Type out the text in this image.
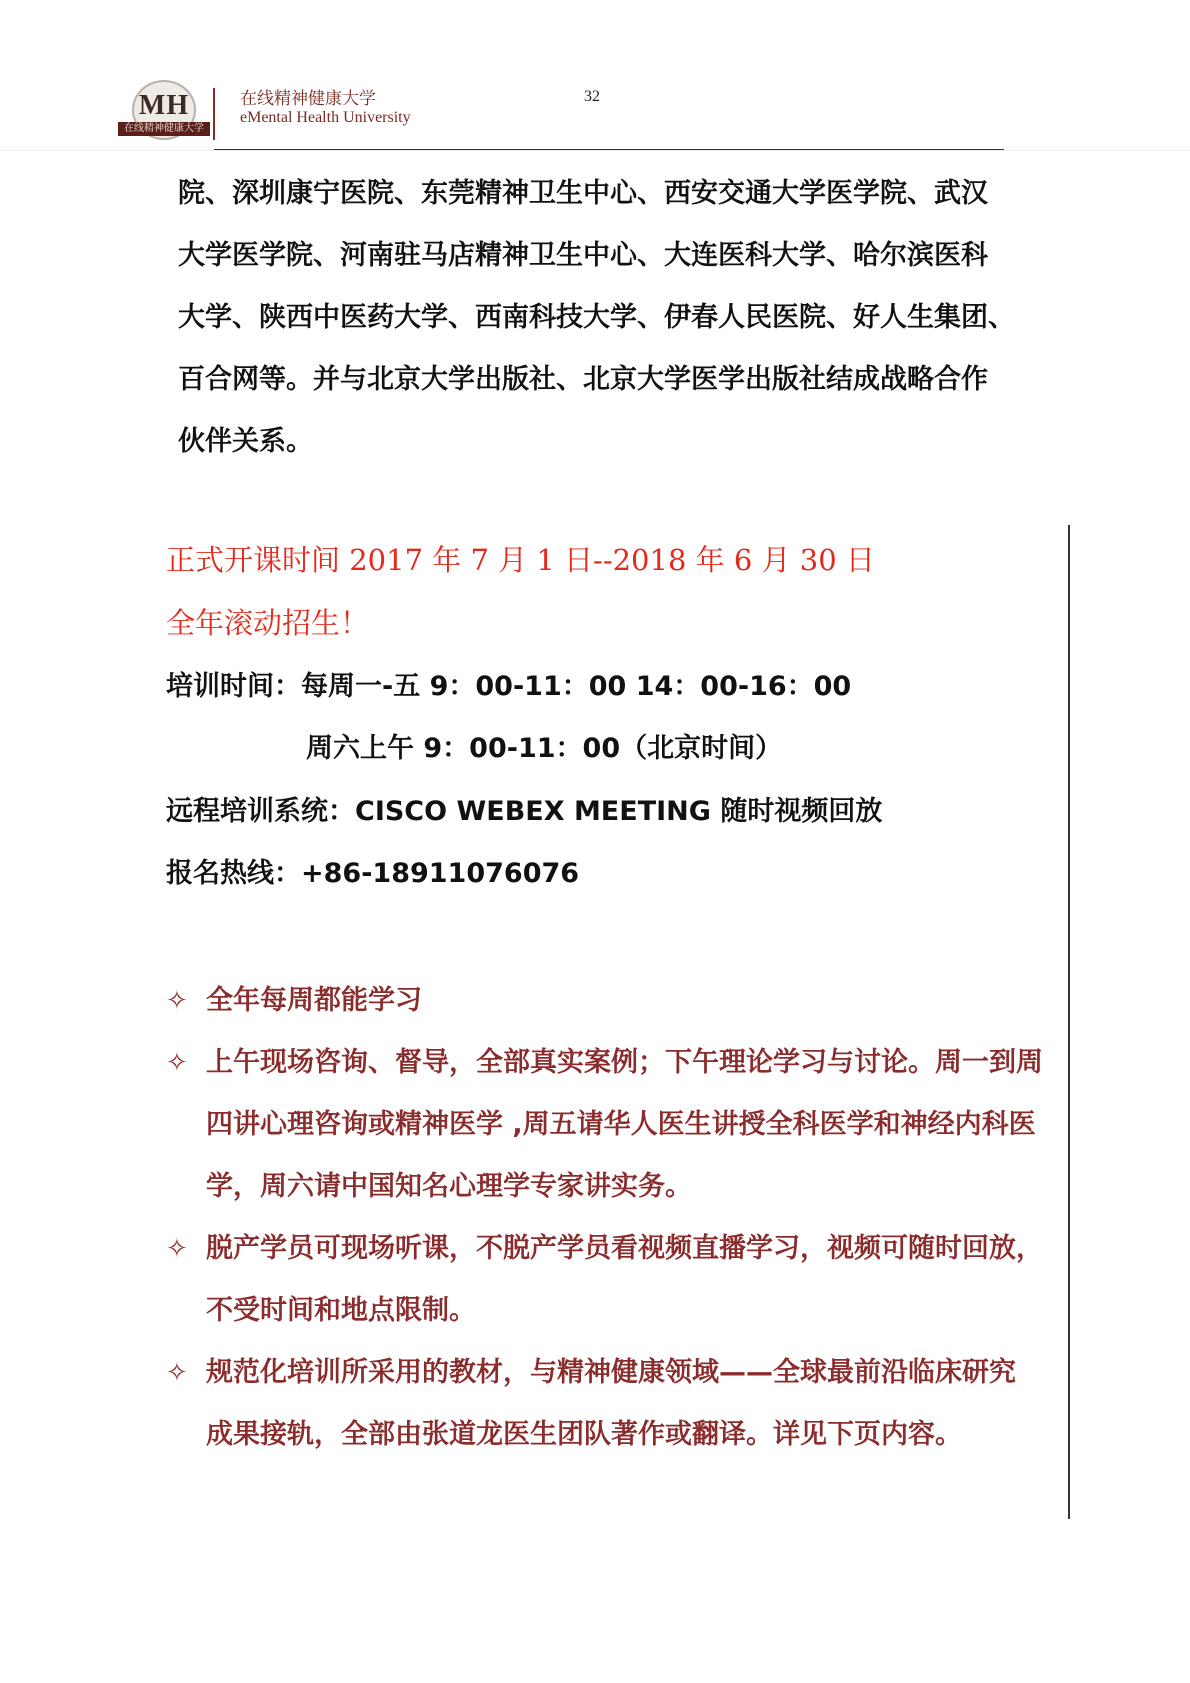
MH
在线精神健康大学
在线精神健康大学
eMental Health University
32

院、深圳康宁医院、东莞精神卫生中心、西安交通大学医学院、武汉

大学医学院、河南驻马店精神卫生中心、大连医科大学、哈尔滨医科

大学、陕西中医药大学、西南科技大学、伊春人民医院、好人生集团、

百合网等。并与北京大学出版社、北京大学医学出版社结成战略合作

伙伴关系。

正式开课时间 2017 年 7 月 1 日--2018 年 6 月 30 日
全年滚动招生！
培训时间：每周一-五 9：00-11：00 14：00-16：00
周六上午 9：00-11：00（北京时间）
远程培训系统：CISCO WEBEX MEETING 随时视频回放
报名热线：+86-18911076076
✧ 全年每周都能学习

✧ 上午现场咨询、督导，全部真实案例；下午理论学习与讨论。周一到周

四讲心理咨询或精神医学 ,周五请华人医生讲授全科医学和神经内科医

学，周六请中国知名心理学专家讲实务。

✧ 脱产学员可现场听课，不脱产学员看视频直播学习，视频可随时回放，

不受时间和地点限制。

✧ 规范化培训所采用的教材，与精神健康领域——全球最前沿临床研究

成果接轨，全部由张道龙医生团队著作或翻译。详见下页内容。
